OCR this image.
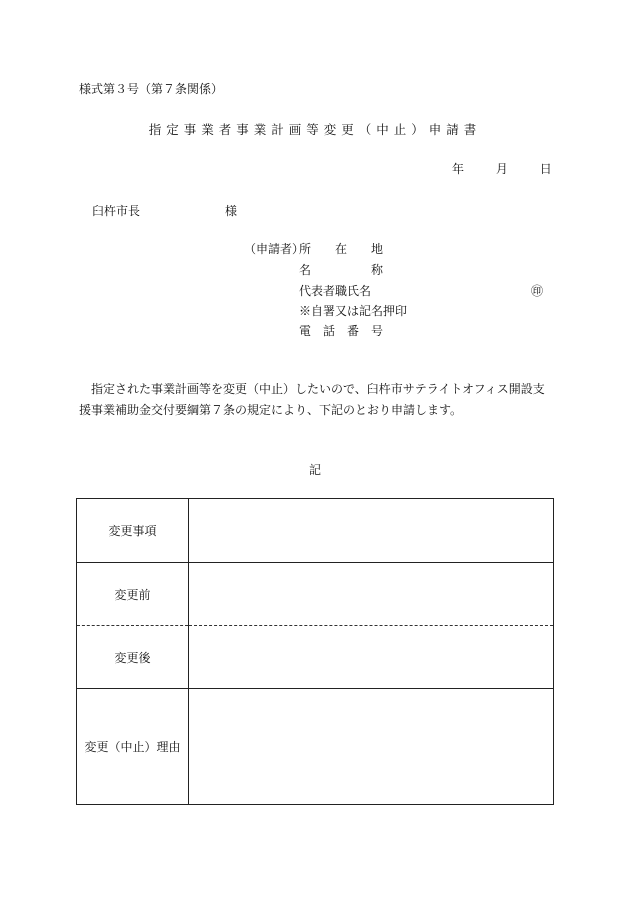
様式第３号（第７条関係）
指定事業者事業計画等変更（中止）申請書
年	月	日
臼杵市長	様
（申請者）
所　　在　　地
名　　　　　称
代表者職氏名	㊞
※自署又は記名押印
電　話　番　号
指定された事業計画等を変更（中止）したいので、臼杵市サテライトオフィス開設支援事業補助金交付要綱第７条の規定により、下記のとおり申請します。
記
変更事項	
変更前	
変更後	
変更（中止）理由	
